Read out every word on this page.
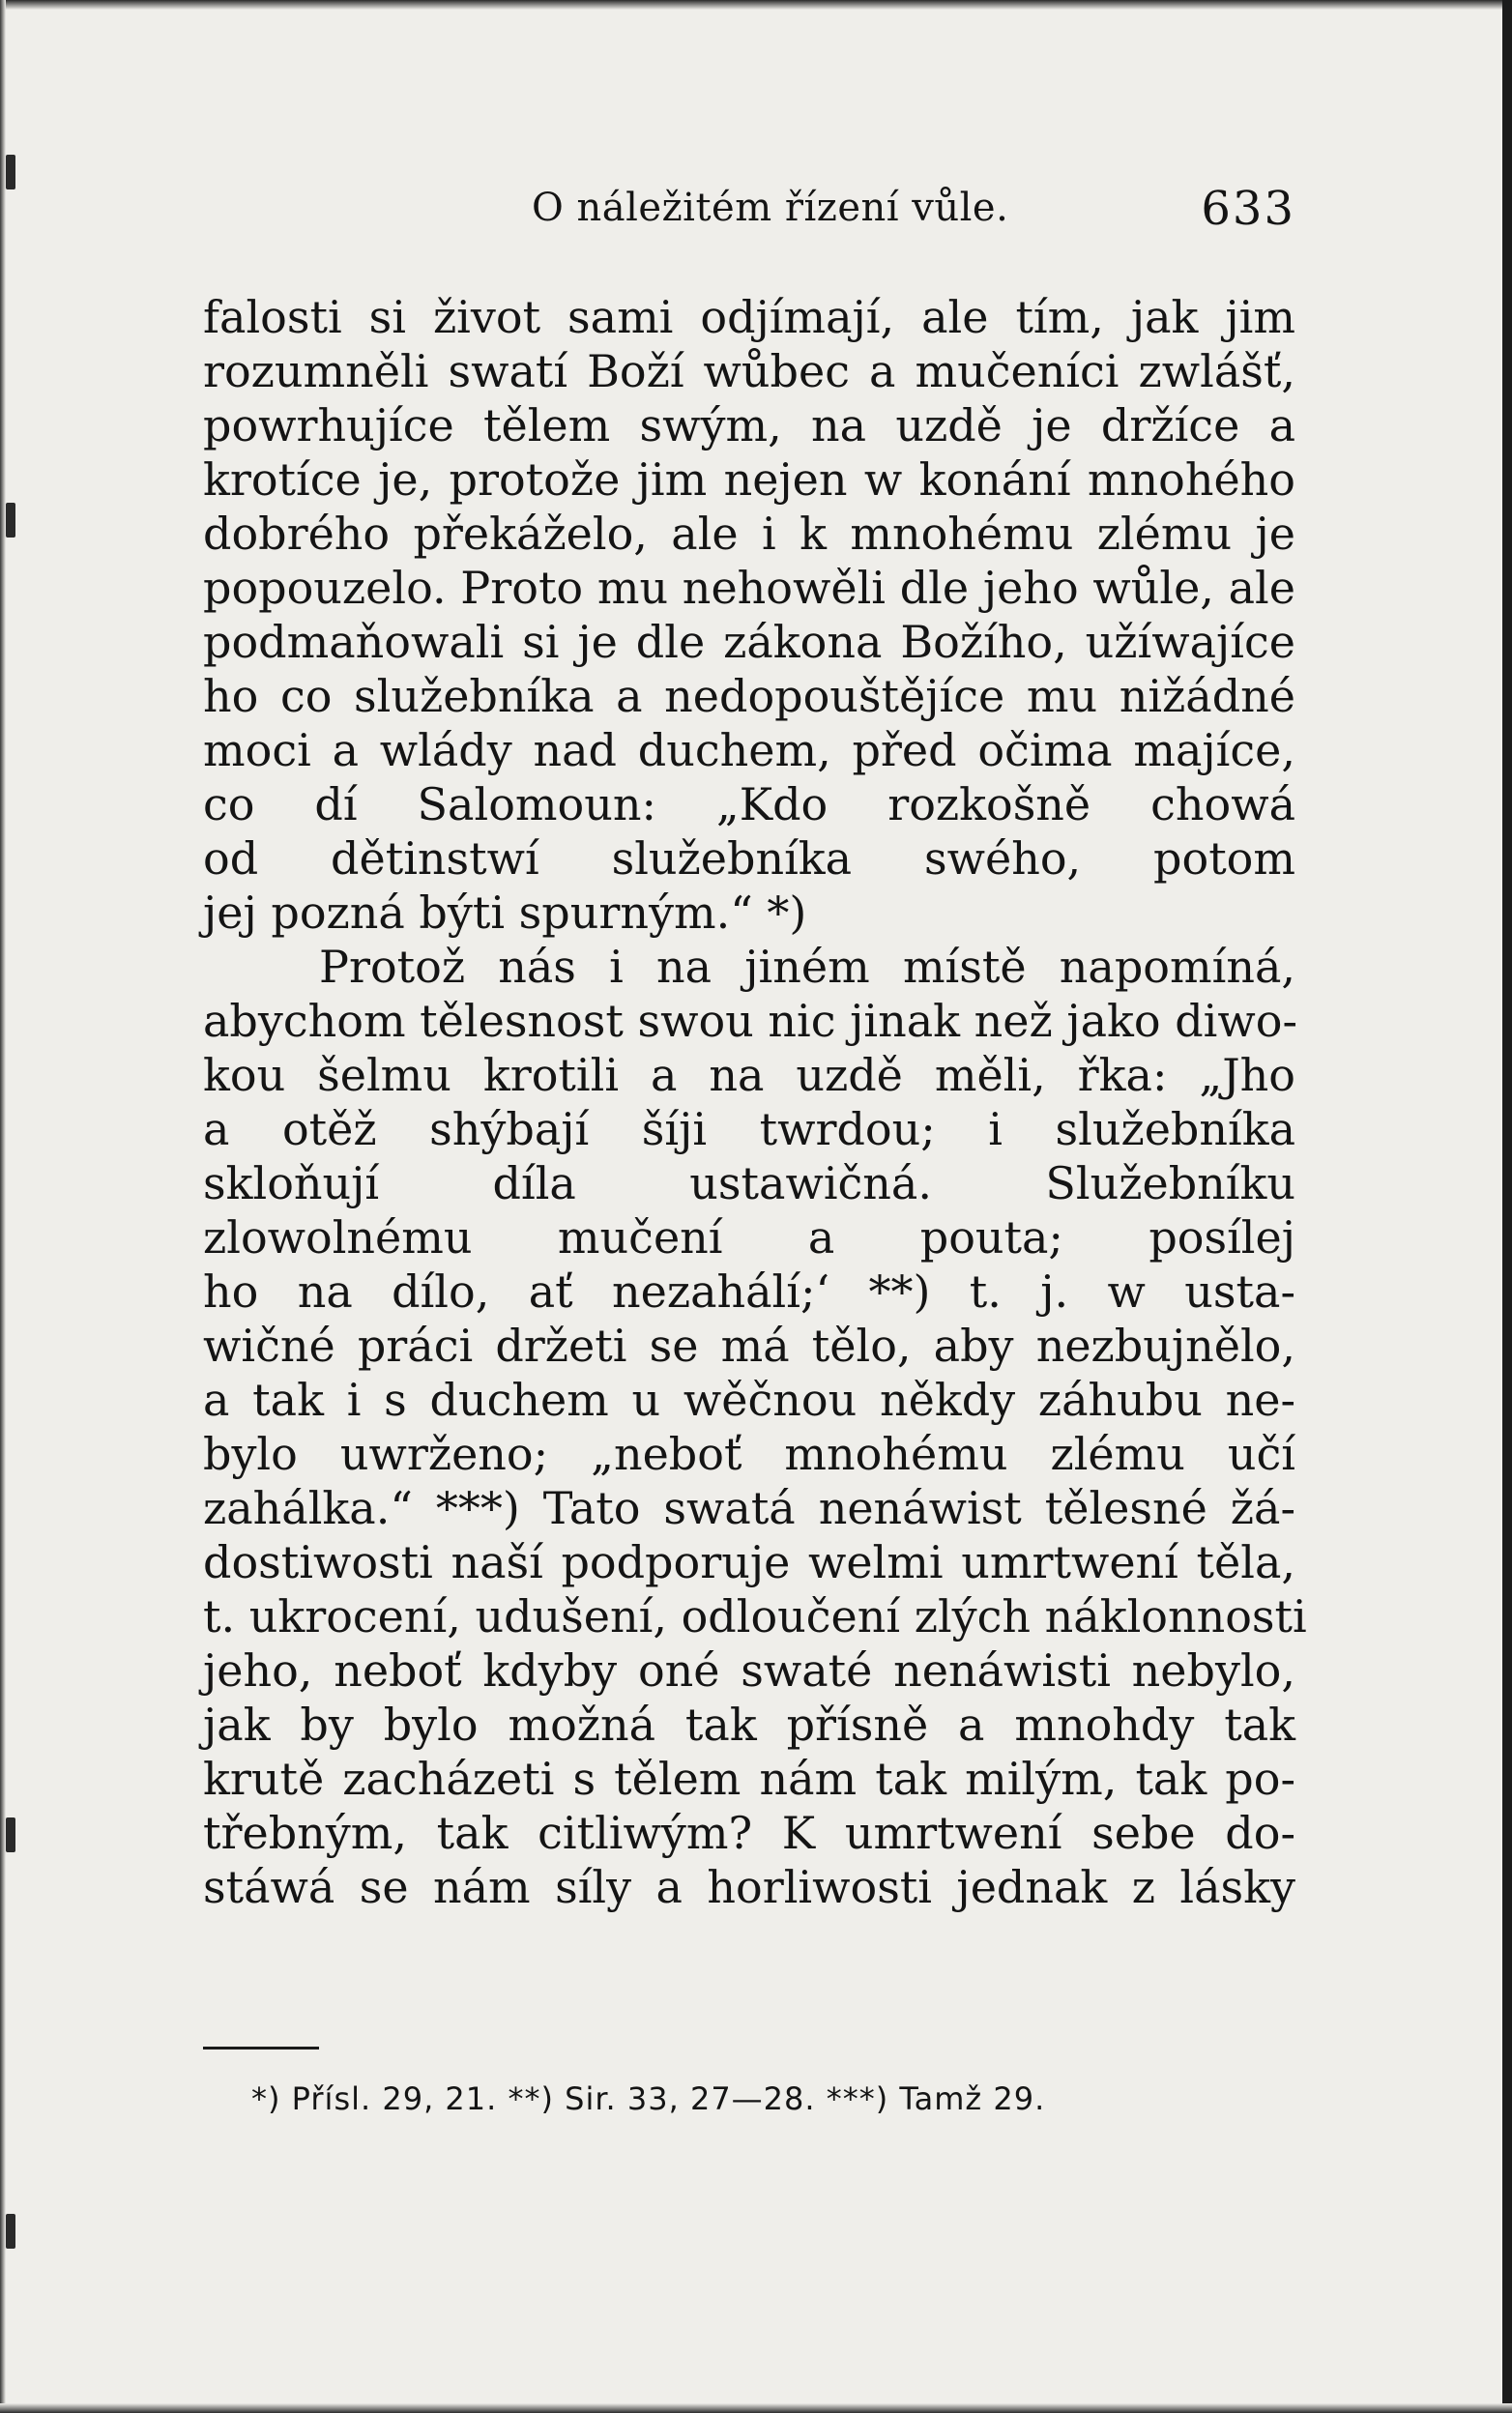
O náležitém řízení vůle.	633
falosti si život sami odjímají, ale tím, jak jim
rozumněli swatí Boží wůbec a mučeníci zwlášť,
powrhujíce tělem swým, na uzdě je držíce a
krotíce je, protože jim nejen w konání mnohého
dobrého překáželo, ale i k mnohému zlému je
popouzelo. Proto mu nehowěli dle jeho wůle, ale
podmaňowali si je dle zákona Božího, užíwajíce
ho co služebníka a nedopouštějíce mu nižádné
moci a wlády nad duchem, před očima majíce,
co dí Salomoun: „Kdo rozkošně chowá
od dětinstwí služebníka swého, potom
jej pozná býti spurným.“ *)
Protož nás i na jiném místě napomíná,
abychom tělesnost swou nic jinak než jako diwo-
kou šelmu krotili a na uzdě měli, řka: „Jho
a otěž shýbají šíji twrdou; i služebníka
skloňují díla ustawičná. Služebníku
zlowolnému mučení a pouta; posílej
ho na dílo, ať nezahálí;‘ **) t. j. w usta-
wičné práci držeti se má tělo, aby nezbujnělo,
a tak i s duchem u wěčnou někdy záhubu ne-
bylo uwrženo; „neboť mnohému zlému učí
zahálka.“ ***) Tato swatá nenáwist tělesné žá-
dostiwosti naší podporuje welmi umrtwení těla,
t. ukrocení, udušení, odloučení zlých náklonnosti
jeho, neboť kdyby oné swaté nenáwisti nebylo,
jak by bylo možná tak přísně a mnohdy tak
krutě zacházeti s tělem nám tak milým, tak po-
třebným, tak citliwým? K umrtwení sebe do-
stáwá se nám síly a horliwosti jednak z lásky
*) Přísl. 29, 21. **) Sir. 33, 27—28. ***) Tamž 29.
